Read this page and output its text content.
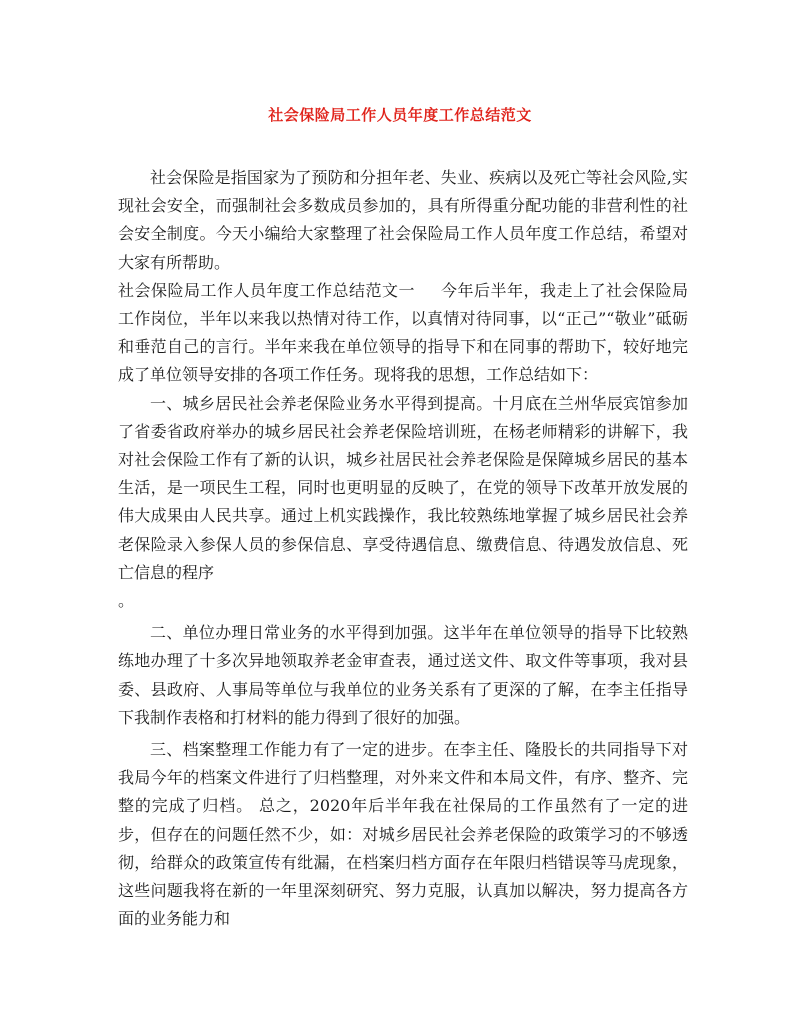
社会保险局工作人员年度工作总结范文

社会保险是指国家为了预防和分担年老、失业、疾病以及死亡等社会风险,实现社会安全，而强制社会多数成员参加的，具有所得重分配功能的非营利性的社会安全制度。今天小编给大家整理了社会保险局工作人员年度工作总结，希望对大家有所帮助。

社会保险局工作人员年度工作总结范文一 今年后半年，我走上了社会保险局工作岗位，半年以来我以热情对待工作，以真情对待同事，以“正己”“敬业”砥砺和垂范自己的言行。半年来我在单位领导的指导下和在同事的帮助下，较好地完成了单位领导安排的各项工作任务。现将我的思想，工作总结如下：

一、城乡居民社会养老保险业务水平得到提高。十月底在兰州华辰宾馆参加了省委省政府举办的城乡居民社会养老保险培训班，在杨老师精彩的讲解下，我对社会保险工作有了新的认识，城乡社居民社会养老保险是保障城乡居民的基本生活，是一项民生工程，同时也更明显的反映了，在党的领导下改革开放发展的伟大成果由人民共享。通过上机实践操作，我比较熟练地掌握了城乡居民社会养老保险录入参保人员的参保信息、享受待遇信息、缴费信息、待遇发放信息、死亡信息的程序

。

二、单位办理日常业务的水平得到加强。这半年在单位领导的指导下比较熟练地办理了十多次异地领取养老金审查表，通过送文件、取文件等事项，我对县委、县政府、人事局等单位与我单位的业务关系有了更深的了解，在李主任指导下我制作表格和打材料的能力得到了很好的加强。

三、档案整理工作能力有了一定的进步。在李主任、隆股长的共同指导下对我局今年的档案文件进行了归档整理，对外来文件和本局文件，有序、整齐、完整的完成了归档。 总之，2020年后半年我在社保局的工作虽然有了一定的进步，但存在的问题任然不少，如：对城乡居民社会养老保险的政策学习的不够透彻，给群众的政策宣传有纰漏，在档案归档方面存在年限归档错误等马虎现象，这些问题我将在新的一年里深刻研究、努力克服，认真加以解决，努力提高各方面的业务能力和
